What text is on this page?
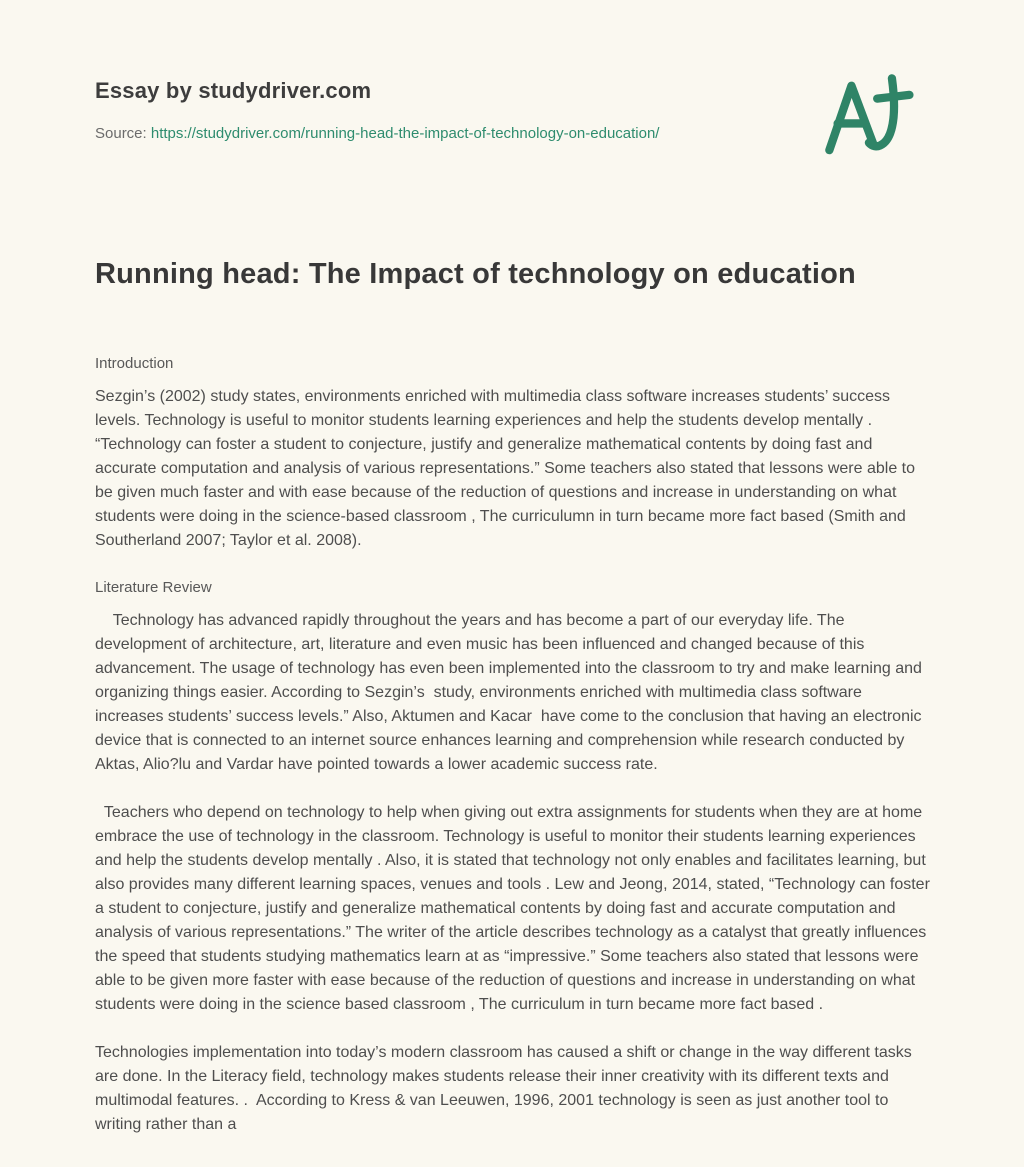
Essay by studydriver.com

Source: https://studydriver.com/running-head-the-impact-of-technology-on-education/

Running head: The Impact of technology on education
Introduction

Sezgin’s (2002) study states, environments enriched with multimedia class software increases students’ success levels. Technology is useful to monitor students learning experiences and help the students develop mentally . “Technology can foster a student to conjecture, justify and generalize mathematical contents by doing fast and accurate computation and analysis of various representations.” Some teachers also stated that lessons were able to be given much faster and with ease because of the reduction of questions and increase in understanding on what students were doing in the science-based classroom , The curriculumn in turn became more fact based (Smith and Southerland 2007; Taylor et al. 2008).

Literature Review

Technology has advanced rapidly throughout the years and has become a part of our everyday life. The development of architecture, art, literature and even music has been influenced and changed because of this advancement. The usage of technology has even been implemented into the classroom to try and make learning and organizing things easier. According to Sezgin’s  study, environments enriched with multimedia class software increases students’ success levels.” Also, Aktumen and Kacar  have come to the conclusion that having an electronic device that is connected to an internet source enhances learning and comprehension while research conducted by Aktas, Alio?lu and Vardar have pointed towards a lower academic success rate.

Teachers who depend on technology to help when giving out extra assignments for students when they are at home embrace the use of technology in the classroom. Technology is useful to monitor their students learning experiences and help the students develop mentally . Also, it is stated that technology not only enables and facilitates learning, but also provides many different learning spaces, venues and tools . Lew and Jeong, 2014, stated, “Technology can foster a student to conjecture, justify and generalize mathematical contents by doing fast and accurate computation and analysis of various representations.” The writer of the article describes technology as a catalyst that greatly influences the speed that students studying mathematics learn at as “impressive.” Some teachers also stated that lessons were able to be given more faster with ease because of the reduction of questions and increase in understanding on what students were doing in the science based classroom , The curriculum in turn became more fact based .

Technologies implementation into today’s modern classroom has caused a shift or change in the way different tasks are done. In the Literacy field, technology makes students release their inner creativity with its different texts and multimodal features. .  According to Kress & van Leeuwen, 1996, 2001 technology is seen as just another tool to writing rather than a
